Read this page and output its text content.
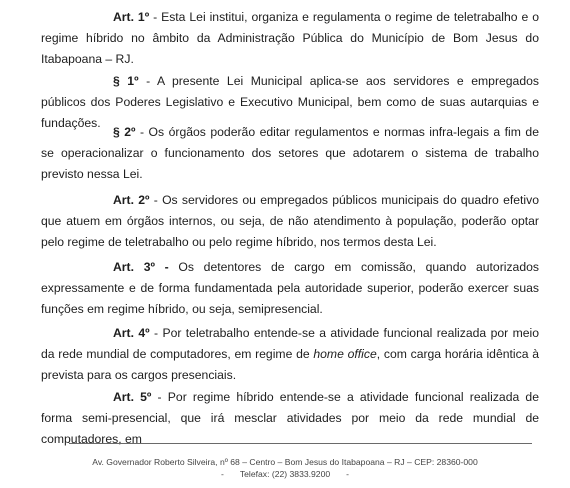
Art. 1º - Esta Lei institui, organiza e regulamenta o regime de teletrabalho e o regime híbrido no âmbito da Administração Pública do Município de Bom Jesus do Itabapoana – RJ.

§ 1º - A presente Lei Municipal aplica-se aos servidores e empregados públicos dos Poderes Legislativo e Executivo Municipal, bem como de suas autarquias e fundações.

§ 2º - Os órgãos poderão editar regulamentos e normas infra-legais a fim de se operacionalizar o funcionamento dos setores que adotarem o sistema de trabalho previsto nessa Lei.

Art. 2º - Os servidores ou empregados públicos municipais do quadro efetivo que atuem em órgãos internos, ou seja, de não atendimento à população, poderão optar pelo regime de teletrabalho ou pelo regime híbrido, nos termos desta Lei.

Art. 3º - Os detentores de cargo em comissão, quando autorizados expressamente e de forma fundamentada pela autoridade superior, poderão exercer suas funções em regime híbrido, ou seja, semipresencial.

Art. 4º - Por teletrabalho entende-se a atividade funcional realizada por meio da rede mundial de computadores, em regime de home office, com carga horária idêntica à prevista para os cargos presenciais.

Art. 5º - Por regime híbrido entende-se a atividade funcional realizada de forma semi-presencial, que irá mesclar atividades por meio da rede mundial de computadores, em

Av. Governador Roberto Silveira, nº 68 – Centro – Bom Jesus do Itabapoana – RJ – CEP: 28360-000
- Telefax: (22) 3833.9200 -
